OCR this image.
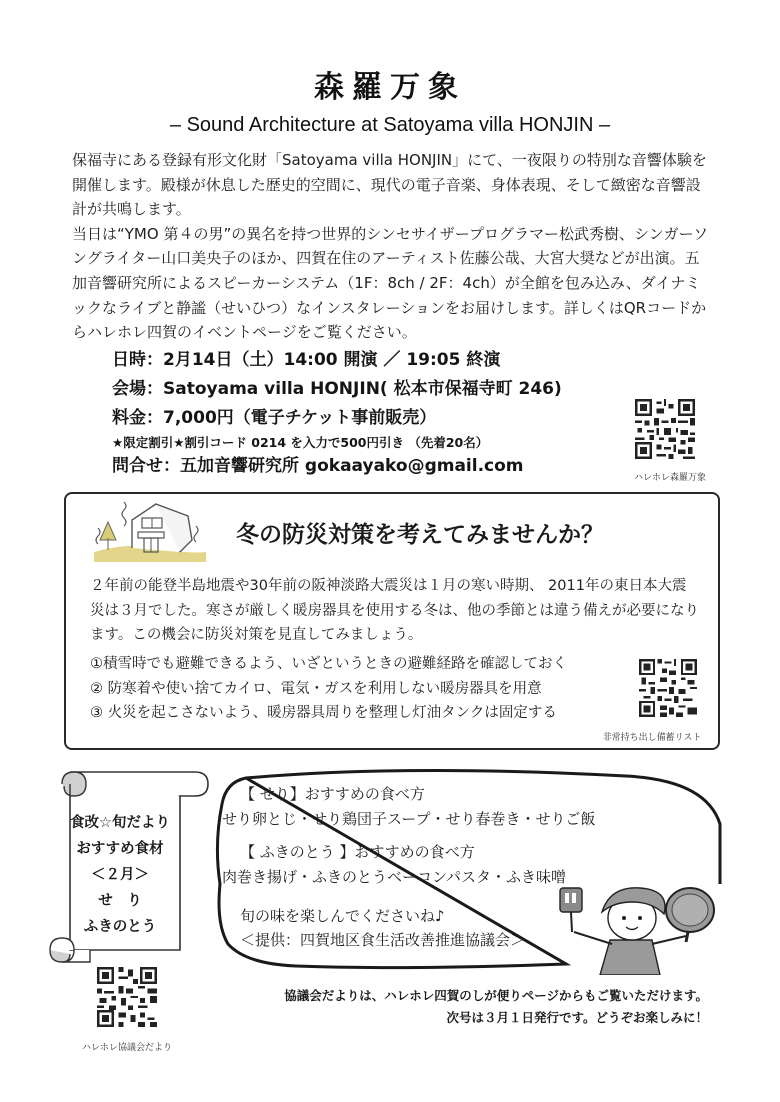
森羅万象
– Sound Architecture at Satoyama villa HONJIN –

保福寺にある登録有形文化財「Satoyama villa HONJIN」にて、一夜限りの特別な音響体験を開催します。殿様が休息した歴史的空間に、現代の電子音楽、身体表現、そして緻密な音響設計が共鳴します。

当日は“YMO 第４の男”の異名を持つ世界的シンセサイザープログラマー松武秀樹、シンガーソングライター山口美央子のほか、四賀在住のアーティスト佐藤公哉、大宮大奨などが出演。五加音響研究所によるスピーカーシステム（1F：8ch / 2F：4ch）が全館を包み込み、ダイナミックなライブと静謐（せいひつ）なインスタレーションをお届けします。詳しくはQRコードからハレホレ四賀のイベントページをご覧ください。

日時：2月14日（土）14:00 開演 ／ 19:05 終演
会場：Satoyama villa HONJIN( 松本市保福寺町 246)
料金：7,000円（電子チケット事前販売）
★限定割引★割引コード 0214 を入力で500円引き （先着20名）
問合せ：五加音響研究所 gokaayako@gmail.com
ハレホレ森羅万象
冬の防災対策を考えてみませんか？
２年前の能登半島地震や30年前の阪神淡路大震災は１月の寒い時期、 2011年の東日本大震災は３月でした。寒さが厳しく暖房器具を使用する冬は、他の季節とは違う備えが必要になります。この機会に防災対策を見直してみましょう。
①積雪時でも避難できるよう、いざというときの避難経路を確認しておく
② 防寒着や使い捨てカイロ、電気・ガスを利用しない暖房器具を用意
③ 火災を起こさないよう、暖房器具周りを整理し灯油タンクは固定する
非常持ち出し備蓄リスト
食改☆旬だより
おすすめ食材
＜２月＞
せ　り
ふきのとう
【 せり】おすすめの食べ方
せり卵とじ・せり鶏団子スープ・せり春巻き・せりご飯
【 ふきのとう 】おすすめの食べ方
肉巻き揚げ・ふきのとうベーコンパスタ・ふき味噌
旬の味を楽しんでくださいね♪
＜提供：四賀地区食生活改善推進協議会＞
ハレホレ協議会だより
協議会だよりは、ハレホレ四賀のしが便りページからもご覧いただけます。
次号は３月１日発行です。どうぞお楽しみに！
